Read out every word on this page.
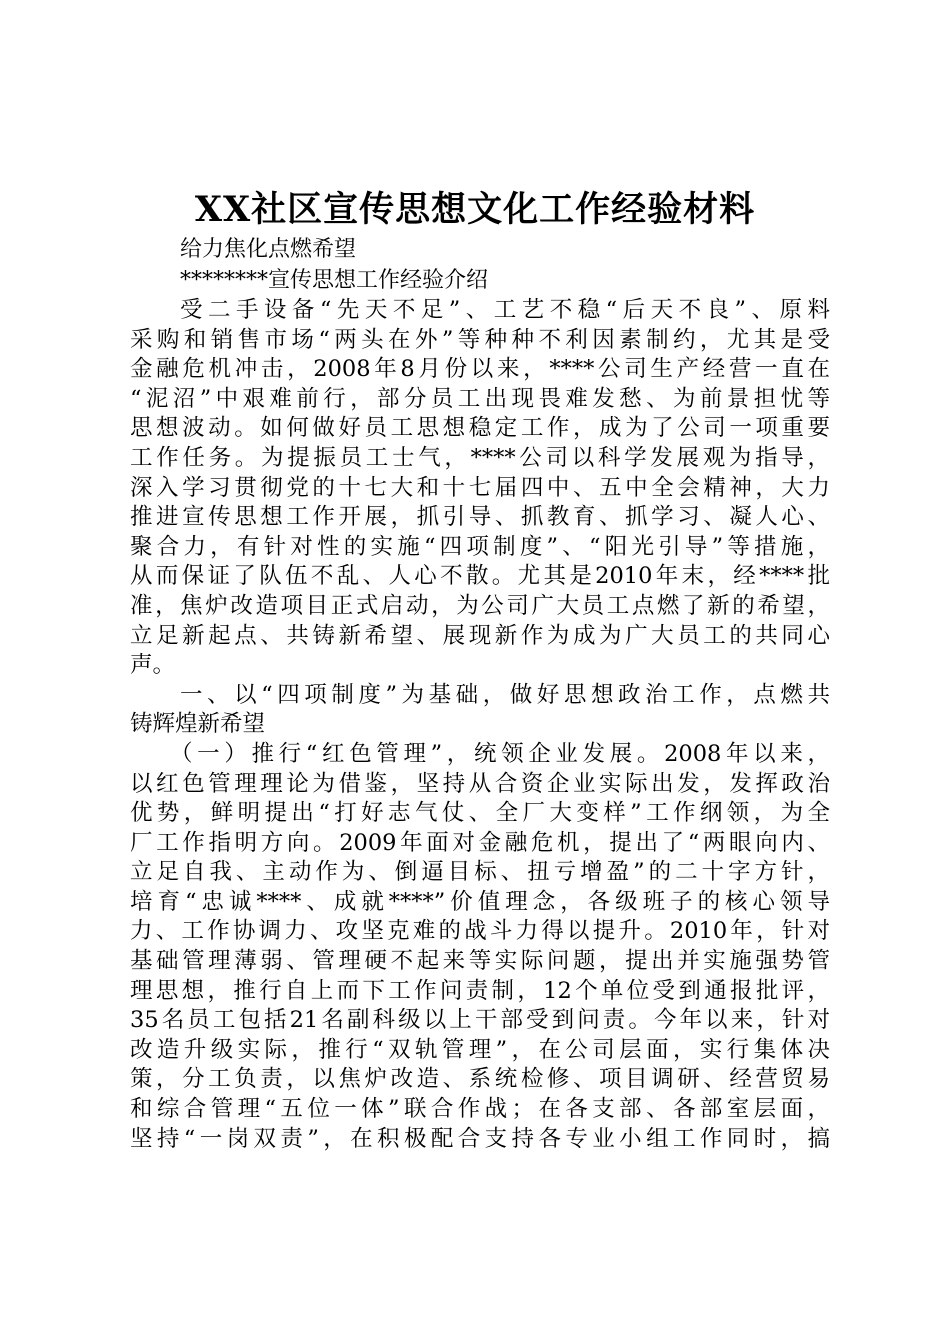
XX社区宣传思想文化工作经验材料

给力焦化点燃希望

********宣传思想工作经验介绍

受二手设备“先天不足”、工艺不稳“后天不良”、原料
采购和销售市场“两头在外”等种种不利因素制约，尤其是受
金融危机冲击，2008年8月份以来，****公司生产经营一直在
“泥沼”中艰难前行，部分员工出现畏难发愁、为前景担忧等
思想波动。如何做好员工思想稳定工作，成为了公司一项重要
工作任务。为提振员工士气，****公司以科学发展观为指导，
深入学习贯彻党的十七大和十七届四中、五中全会精神，大力
推进宣传思想工作开展，抓引导、抓教育、抓学习、凝人心、
聚合力，有针对性的实施“四项制度”、“阳光引导”等措施，
从而保证了队伍不乱、人心不散。尤其是2010年末，经****批
准，焦炉改造项目正式启动，为公司广大员工点燃了新的希望，
立足新起点、共铸新希望、展现新作为成为广大员工的共同心
声。
一、以“四项制度”为基础，做好思想政治工作，点燃共
铸辉煌新希望
（一）推行“红色管理”，统领企业发展。2008年以来，
以红色管理理论为借鉴，坚持从合资企业实际出发，发挥政治
优势，鲜明提出“打好志气仗、全厂大变样”工作纲领，为全
厂工作指明方向。2009年面对金融危机，提出了“两眼向内、
立足自我、主动作为、倒逼目标、扭亏增盈”的二十字方针，
培育“忠诚****、成就****”价值理念，各级班子的核心领导
力、工作协调力、攻坚克难的战斗力得以提升。2010年，针对
基础管理薄弱、管理硬不起来等实际问题，提出并实施强势管
理思想，推行自上而下工作问责制，12个单位受到通报批评，
35名员工包括21名副科级以上干部受到问责。今年以来，针对
改造升级实际，推行“双轨管理”，在公司层面，实行集体决
策，分工负责，以焦炉改造、系统检修、项目调研、经营贸易
和综合管理“五位一体”联合作战；在各支部、各部室层面，
坚持“一岗双责”，在积极配合支持各专业小组工作同时，搞
